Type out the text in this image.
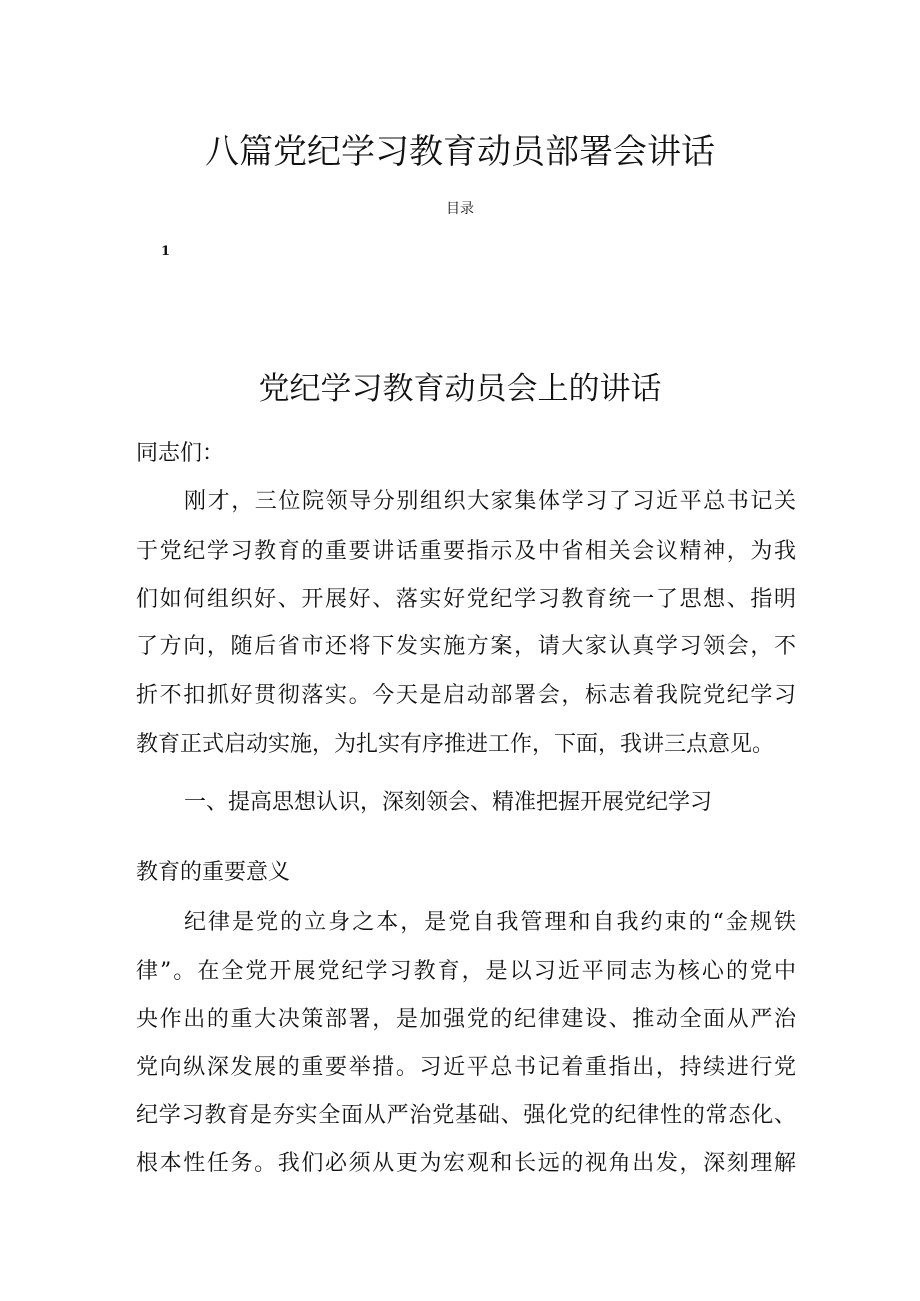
八篇党纪学习教育动员部署会讲话
目录
1
党纪学习教育动员会上的讲话
同志们：
刚才，三位院领导分别组织大家集体学习了习近平总书记关
于党纪学习教育的重要讲话重要指示及中省相关会议精神，为我
们如何组织好、开展好、落实好党纪学习教育统一了思想、指明
了方向，随后省市还将下发实施方案，请大家认真学习领会，不
折不扣抓好贯彻落实。今天是启动部署会，标志着我院党纪学习
教育正式启动实施，为扎实有序推进工作，下面，我讲三点意见。
一、提高思想认识，深刻领会、精准把握开展党纪学习
教育的重要意义
纪律是党的立身之本，是党自我管理和自我约束的“金规铁
律”。在全党开展党纪学习教育，是以习近平同志为核心的党中
央作出的重大决策部署，是加强党的纪律建设、推动全面从严治
党向纵深发展的重要举措。习近平总书记着重指出，持续进行党
纪学习教育是夯实全面从严治党基础、强化党的纪律性的常态化、
根本性任务。我们必须从更为宏观和长远的视角出发，深刻理解
